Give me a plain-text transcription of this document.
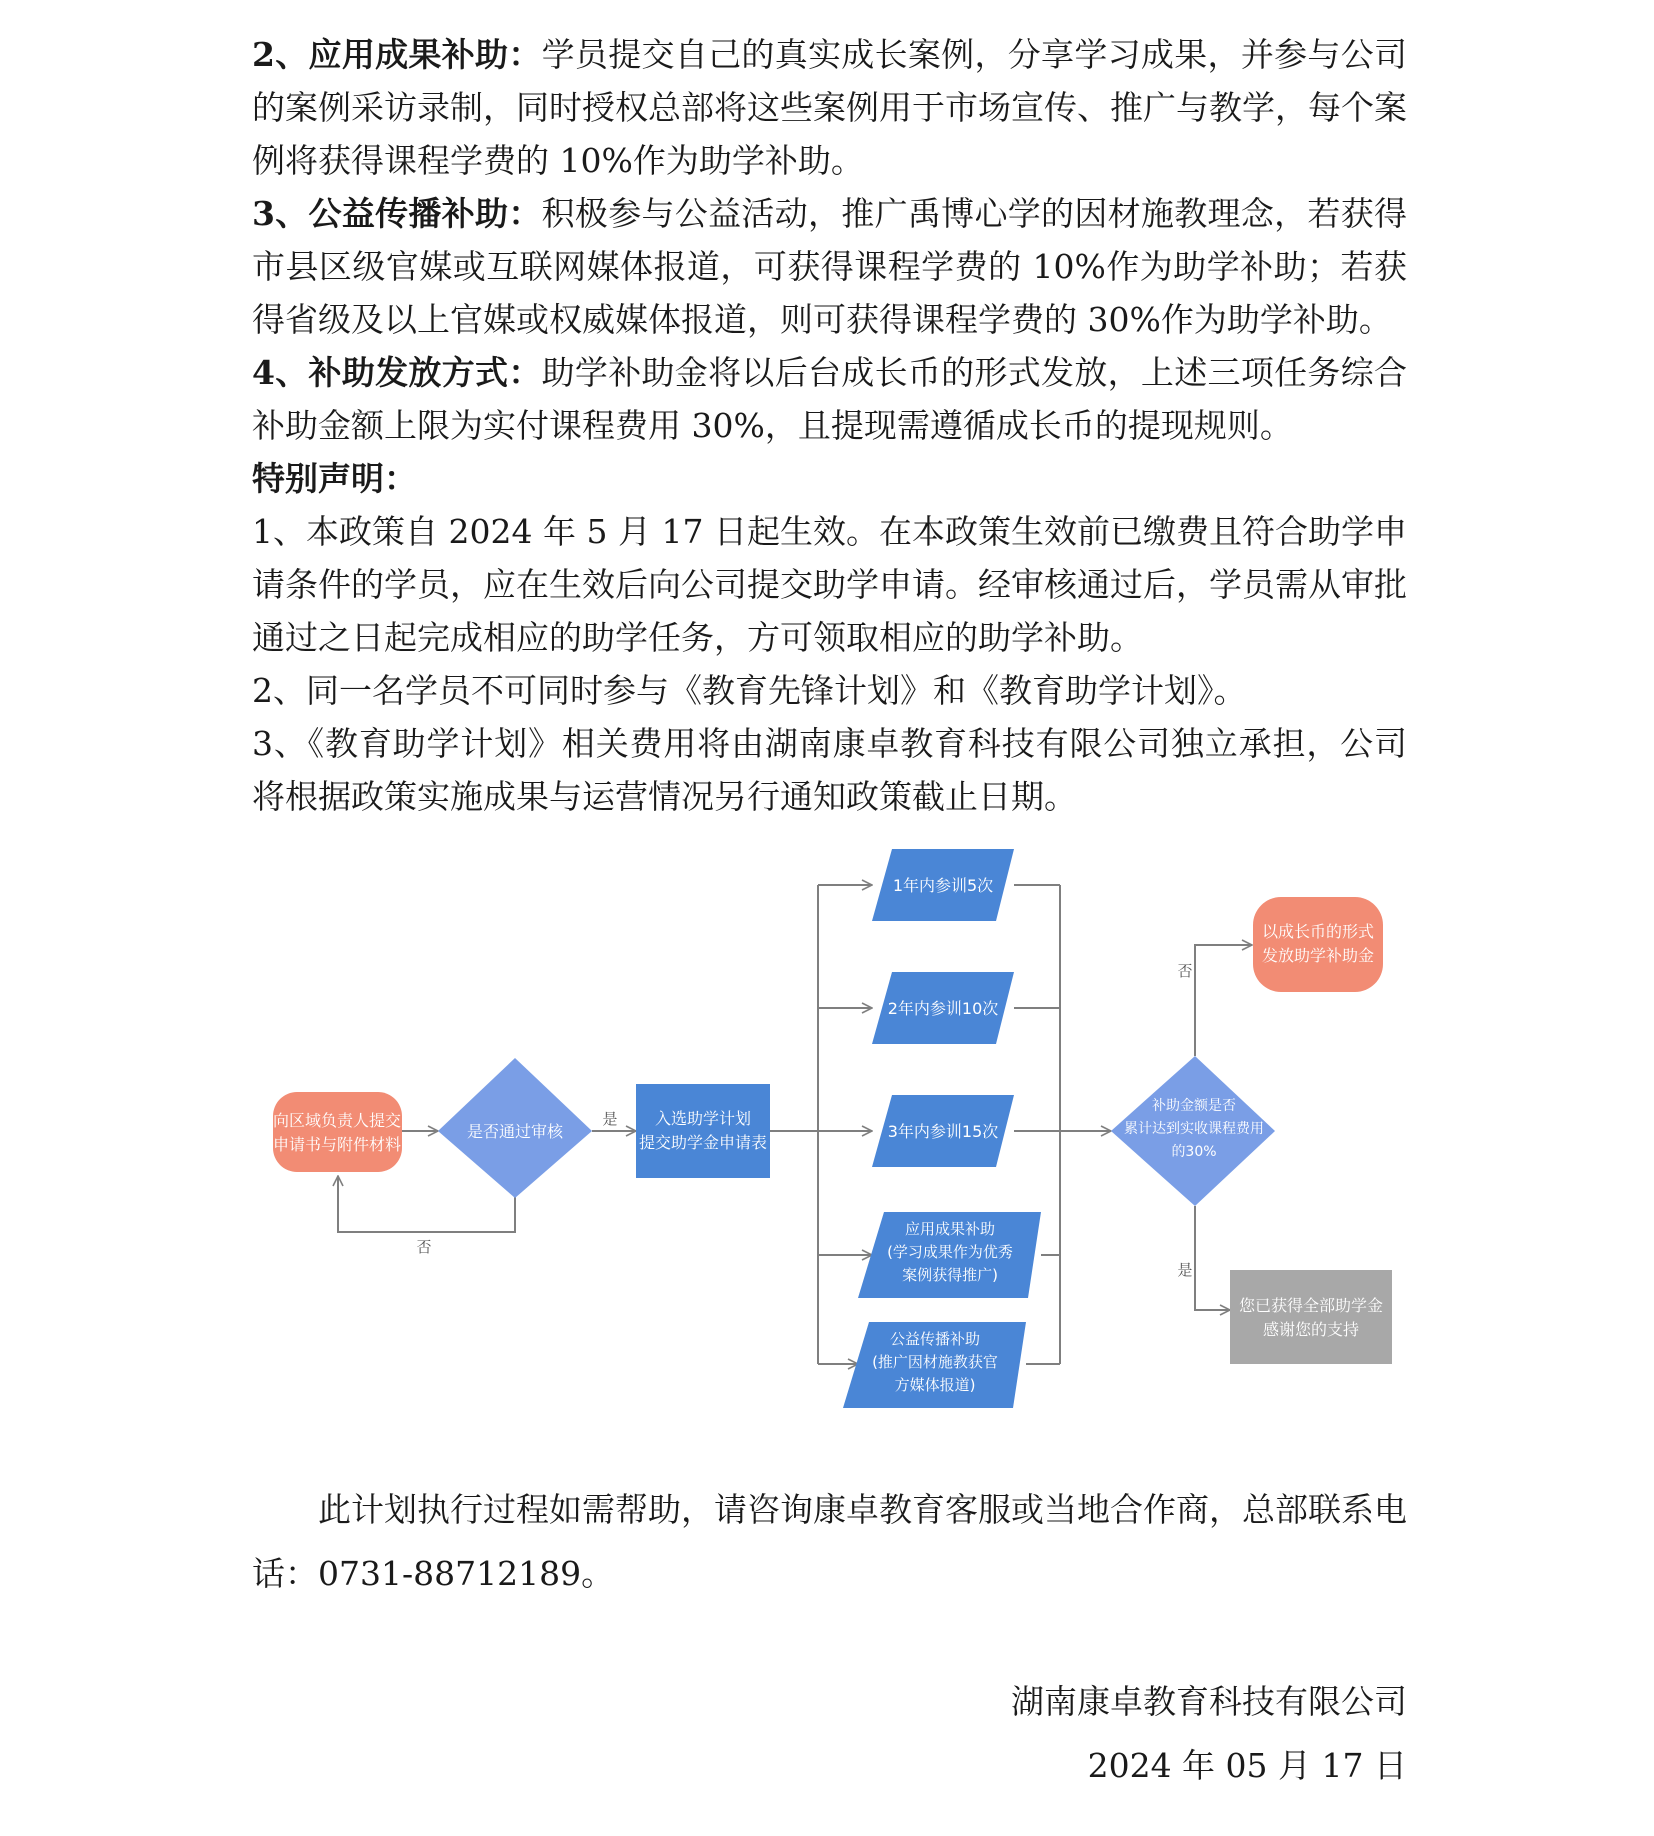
2、应用成果补助：学员提交自己的真实成长案例，分享学习成果，并参与公司的案例采访录制，同时授权总部将这些案例用于市场宣传、推广与教学，每个案例将获得课程学费的 10%作为助学补助。

3、公益传播补助：积极参与公益活动，推广禹博心学的因材施教理念，若获得市县区级官媒或互联网媒体报道，可获得课程学费的 10%作为助学补助；若获得省级及以上官媒或权威媒体报道，则可获得课程学费的 30%作为助学补助。

4、补助发放方式：助学补助金将以后台成长币的形式发放，上述三项任务综合补助金额上限为实付课程费用 30%，且提现需遵循成长币的提现规则。

特别声明：

1、本政策自 2024 年 5 月 17 日起生效。在本政策生效前已缴费且符合助学申请条件的学员，应在生效后向公司提交助学申请。经审核通过后，学员需从审批通过之日起完成相应的助学任务，方可领取相应的助学补助。

2、同一名学员不可同时参与《教育先锋计划》和《教育助学计划》。

3、《教育助学计划》相关费用将由湖南康卓教育科技有限公司独立承担，公司将根据政策实施成果与运营情况另行通知政策截止日期。

向区域负责人提交
申请书与附件材料
是否通过审核
是
否
入选助学计划
提交助学金申请表
1年内参训5次
2年内参训10次
3年内参训15次
应用成果补助
(学习成果作为优秀
案例获得推广)
公益传播补助
(推广因材施教获官
方媒体报道)
补助金额是否
累计达到实收课程费用
的30%
否
是
以成长币的形式
发放助学补助金
您已获得全部助学金
感谢您的支持

此计划执行过程如需帮助，请咨询康卓教育客服或当地合作商，总部联系电话：0731-88712189。

湖南康卓教育科技有限公司
2024 年 05 月 17 日
